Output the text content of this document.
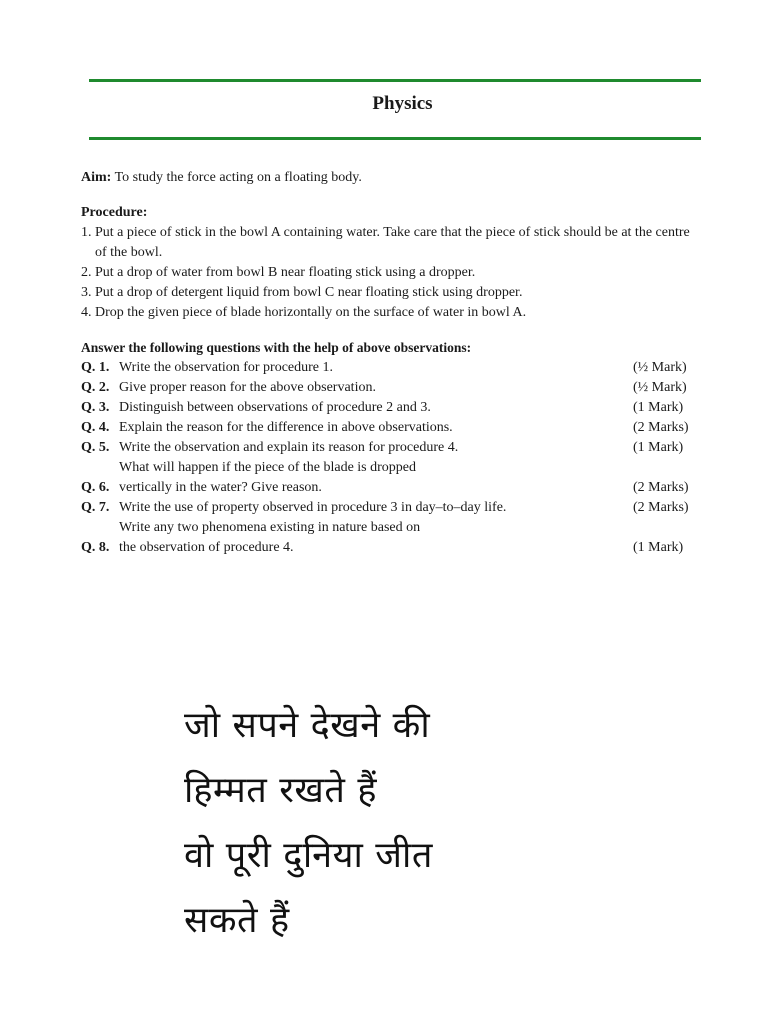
Physics

Aim: To study the force acting on a floating body.

Procedure:
1. Put a piece of stick in the bowl A containing water. Take care that the piece of stick should be at the centre of the bowl.
2. Put a drop of water from bowl B near floating stick using a dropper.
3. Put a drop of detergent liquid from bowl C near floating stick using dropper.
4. Drop the given piece of blade horizontally on the surface of water in bowl A.
Answer the following questions with the help of above observations:
Q. 1. Write the observation for procedure 1.	(½ Mark)
Q. 2. Give proper reason for the above observation.	(½ Mark)
Q. 3. Distinguish between observations of procedure 2 and 3.	(1 Mark)
Q. 4. Explain the reason for the difference in above observations.	(2 Marks)
Q. 5. Write the observation and explain its reason for procedure 4.	(1 Mark)
Q. 6.
What will happen if the piece of the blade is dropped
vertically in the water? Give reason.	(2 Marks)
Q. 7. Write the use of property observed in procedure 3 in day–to–day life.	(2 Marks)
Q. 8.
Write any two phenomena existing in nature based on
the observation of procedure 4.	(1 Mark)
जो सपने देखने की
हिम्मत रखते हैं
वो पूरी दुनिया जीत
सकते हैं
